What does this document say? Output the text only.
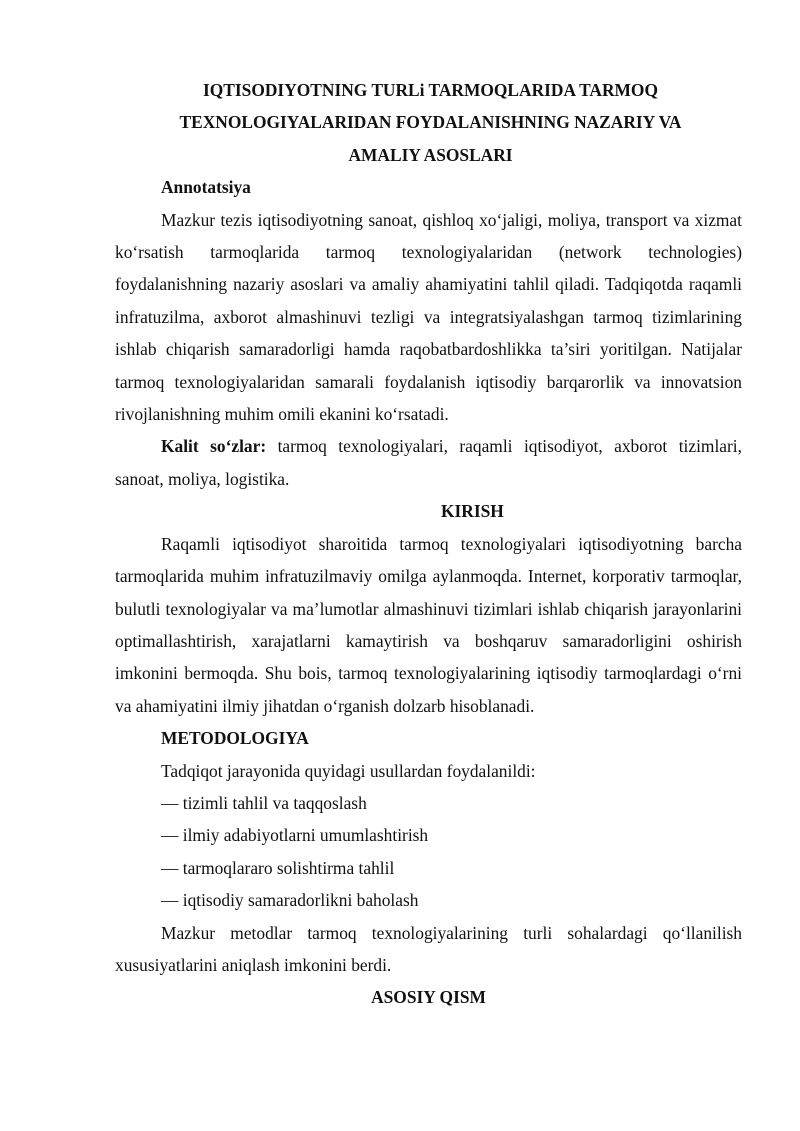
IQTISODIYOTNING TURLi TARMOQLARIDA TARMOQ
TEXNOLOGIYALARIDAN FOYDALANISHNING NAZARIY VA
AMALIY ASOSLARI
Annotatsiya

Mazkur tezis iqtisodiyotning sanoat, qishloq xo‘jaligi, moliya, transport va xizmat ko‘rsatish tarmoqlarida tarmoq texnologiyalaridan (network technologies) foydalanishning nazariy asoslari va amaliy ahamiyatini tahlil qiladi. Tadqiqotda raqamli infratuzilma, axborot almashinuvi tezligi va integratsiyalashgan tarmoq tizimlarining ishlab chiqarish samaradorligi hamda raqobatbardoshlikka ta’siri yoritilgan. Natijalar tarmoq texnologiyalaridan samarali foydalanish iqtisodiy barqarorlik va innovatsion rivojlanishning muhim omili ekanini ko‘rsatadi.

Kalit so‘zlar: tarmoq texnologiyalari, raqamli iqtisodiyot, axborot tizimlari, sanoat, moliya, logistika.

KIRISH

Raqamli iqtisodiyot sharoitida tarmoq texnologiyalari iqtisodiyotning barcha tarmoqlarida muhim infratuzilmaviy omilga aylanmoqda. Internet, korporativ tarmoqlar, bulutli texnologiyalar va ma’lumotlar almashinuvi tizimlari ishlab chiqarish jarayonlarini optimallashtirish, xarajatlarni kamaytirish va boshqaruv samaradorligini oshirish imkonini bermoqda. Shu bois, tarmoq texnologiyalarining iqtisodiy tarmoqlardagi o‘rni va ahamiyatini ilmiy jihatdan o‘rganish dolzarb hisoblanadi.

METODOLOGIYA
Tadqiqot jarayonida quyidagi usullardan foydalanildi:
— tizimli tahlil va taqqoslash
— ilmiy adabiyotlarni umumlashtirish
— tarmoqlararo solishtirma tahlil
— iqtisodiy samaradorlikni baholash

Mazkur metodlar tarmoq texnologiyalarining turli sohalardagi qo‘llanilish xususiyatlarini aniqlash imkonini berdi.

ASOSIY QISM
